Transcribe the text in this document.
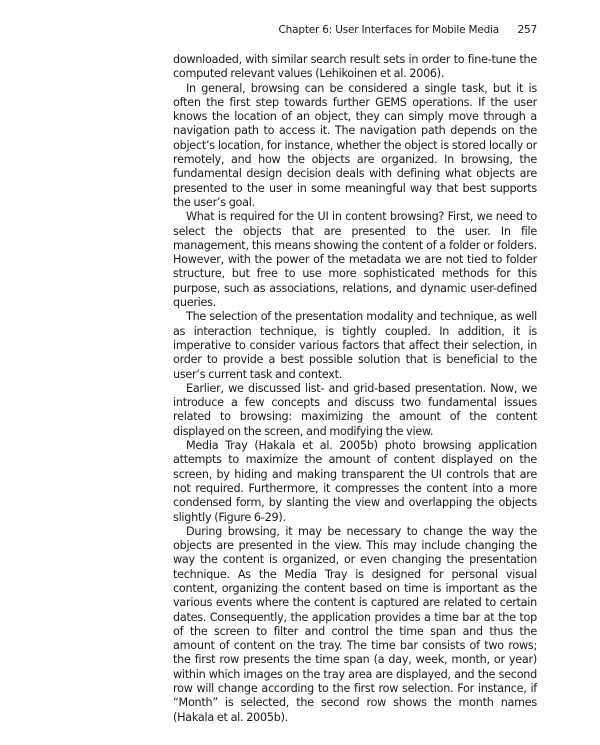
Chapter 6: User Interfaces for Mobile Media 257

downloaded, with similar search result sets in order to fine-tune the computed relevant values (Lehikoinen et al. 2006).

In general, browsing can be considered a single task, but it is often the first step towards further GEMS operations. If the user knows the location of an object, they can simply move through a navigation path to access it. The navigation path depends on the object’s location, for instance, whether the object is stored locally or remotely, and how the objects are organized. In browsing, the fundamental design decision deals with defining what objects are presented to the user in some meaningful way that best supports the user’s goal.

What is required for the UI in content browsing? First, we need to select the objects that are presented to the user. In file management, this means showing the content of a folder or folders. However, with the power of the metadata we are not tied to folder structure, but free to use more sophisticated methods for this purpose, such as associations, relations, and dynamic user-defined queries.

The selection of the presentation modality and technique, as well as interaction technique, is tightly coupled. In addition, it is imperative to consider various factors that affect their selection, in order to provide a best possible solution that is beneficial to the user’s current task and context.

Earlier, we discussed list- and grid-based presentation. Now, we introduce a few concepts and discuss two fundamental issues related to browsing: maximizing the amount of the content displayed on the screen, and modifying the view.

Media Tray (Hakala et al. 2005b) photo browsing application attempts to maximize the amount of content displayed on the screen, by hiding and making transparent the UI controls that are not required. Furthermore, it compresses the content into a more condensed form, by slanting the view and overlapping the objects slightly (Figure 6-29).

During browsing, it may be necessary to change the way the objects are presented in the view. This may include changing the way the content is organized, or even changing the presentation technique. As the Media Tray is designed for personal visual content, organizing the content based on time is important as the various events where the content is captured are related to certain dates. Consequently, the application provides a time bar at the top of the screen to filter and control the time span and thus the amount of content on the tray. The time bar consists of two rows; the first row presents the time span (a day, week, month, or year) within which images on the tray area are displayed, and the second row will change according to the first row selection. For instance, if “Month” is selected, the second row shows the month names (Hakala et al. 2005b).
